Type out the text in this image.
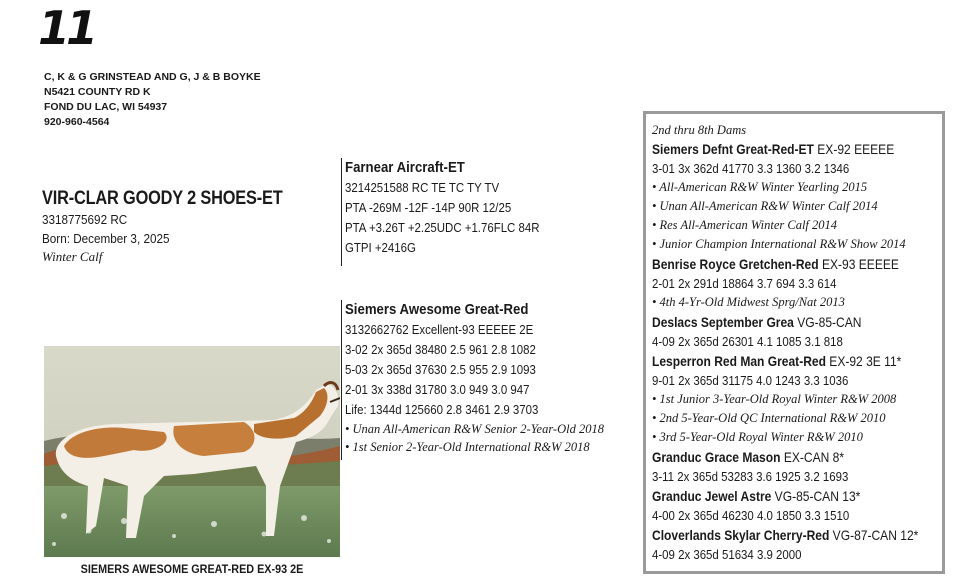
11
C, K & G GRINSTEAD AND G, J & B BOYKE
N5421 COUNTY RD K
FOND DU LAC, WI 54937
920-960-4564
VIR-CLAR GOODY 2 SHOES-ET
3318775692 RC
Born: December 3, 2025
Winter Calf
Farnear Aircraft-ET
3214251588 RC TE TC TY TV
PTA -269M -12F -14P 90R 12/25
PTA +3.26T +2.25UDC +1.76FLC 84R
GTPI +2416G
Siemers Awesome Great-Red
3132662762 Excellent-93 EEEEE 2E
3-02 2x 365d 38480 2.5 961 2.8 1082
5-03 2x 365d 37630 2.5 955 2.9 1093
2-01 3x 338d 31780 3.0 949 3.0 947
Life: 1344d 125660 2.8 3461 2.9 3703
• Unan All-American R&W Senior 2-Year-Old 2018
• 1st Senior 2-Year-Old International R&W 2018
SIEMERS AWESOME GREAT-RED EX-93 2E
2nd thru 8th Dams
Siemers Defnt Great-Red-ET EX-92 EEEEE
3-01 3x 362d 41770 3.3 1360 3.2 1346
• All-American R&W Winter Yearling 2015
• Unan All-American R&W Winter Calf 2014
• Res All-American Winter Calf 2014
• Junior Champion International R&W Show 2014
Benrise Royce Gretchen-Red EX-93 EEEEE
2-01 2x 291d 18864 3.7 694 3.3 614
• 4th 4-Yr-Old Midwest Sprg/Nat 2013
Deslacs September Grea VG-85-CAN
4-09 2x 365d 26301 4.1 1085 3.1 818
Lesperron Red Man Great-Red EX-92 3E 11*
9-01 2x 365d 31175 4.0 1243 3.3 1036
• 1st Junior 3-Year-Old Royal Winter R&W 2008
• 2nd 5-Year-Old QC International R&W 2010
• 3rd 5-Year-Old Royal Winter R&W 2010
Granduc Grace Mason EX-CAN 8*
3-11 2x 365d 53283 3.6 1925 3.2 1693
Granduc Jewel Astre VG-85-CAN 13*
4-00 2x 365d 46230 4.0 1850 3.3 1510
Cloverlands Skylar Cherry-Red VG-87-CAN 12*
4-09 2x 365d 51634 3.9 2000
